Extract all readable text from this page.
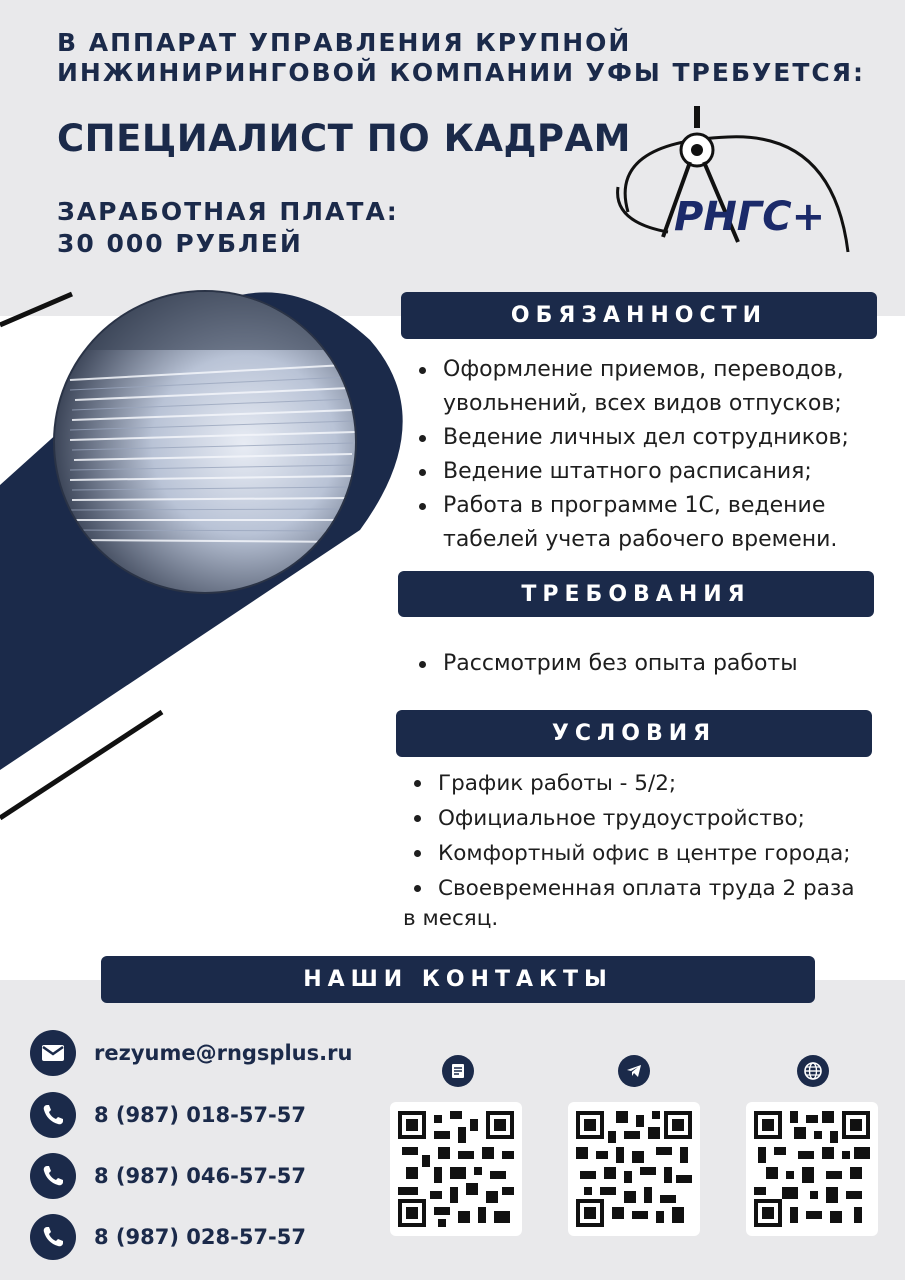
В АППАРАТ УПРАВЛЕНИЯ КРУПНОЙ
ИНЖИНИРИНГОВОЙ КОМПАНИИ УФЫ ТРЕБУЕТСЯ:
СПЕЦИАЛИСТ ПО КАДРАМ
ЗАРАБОТНАЯ ПЛАТА:
30 000 РУБЛЕЙ
РНГС+
ОБЯЗАННОСТИ
Оформление приемов, переводов, увольнений, всех видов отпусков;
Ведение личных дел сотрудников;
Ведение штатного расписания;
Работа в программе 1С, ведение табелей учета рабочего времени.
ТРЕБОВАНИЯ
Рассмотрим без опыта работы
УСЛОВИЯ
График работы - 5/2;
Официальное трудоустройство;
Комфортный офис в центре города;
Своевременная оплата труда 2 раза
в месяц.
НАШИ КОНТАКТЫ
rezyume@rngsplus.ru
8 (987) 018-57-57
8 (987) 046-57-57
8 (987) 028-57-57
